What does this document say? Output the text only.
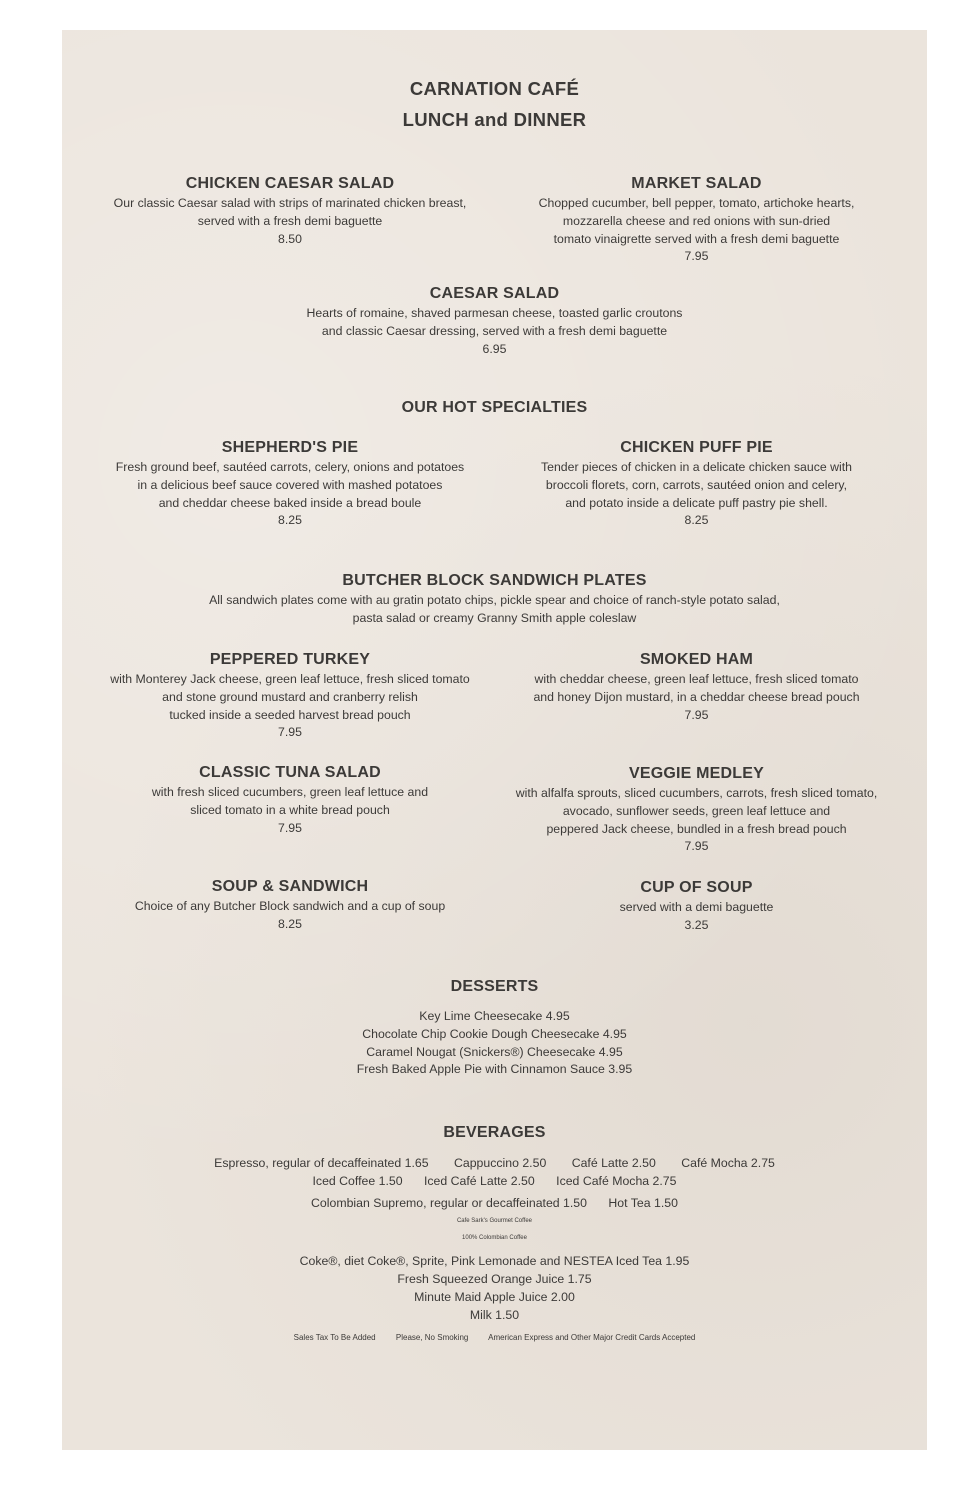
CARNATION CAFÉ
LUNCH and DINNER
CHICKEN CAESAR SALAD
Our classic Caesar salad with strips of marinated chicken breast,
served with a fresh demi baguette
8.50
MARKET SALAD
Chopped cucumber, bell pepper, tomato, artichoke hearts,
mozzarella cheese and red onions with sun-dried
tomato vinaigrette served with a fresh demi baguette
7.95
CAESAR SALAD
Hearts of romaine, shaved parmesan cheese, toasted garlic croutons
and classic Caesar dressing, served with a fresh demi baguette
6.95
OUR HOT SPECIALTIES
SHEPHERD'S PIE
Fresh ground beef, sautéed carrots, celery, onions and potatoes
in a delicious beef sauce covered with mashed potatoes
and cheddar cheese baked inside a bread boule
8.25
CHICKEN PUFF PIE
Tender pieces of chicken in a delicate chicken sauce with
broccoli florets, corn, carrots, sautéed onion and celery,
and potato inside a delicate puff pastry pie shell.
8.25
BUTCHER BLOCK SANDWICH PLATES
All sandwich plates come with au gratin potato chips, pickle spear and choice of ranch-style potato salad,
pasta salad or creamy Granny Smith apple coleslaw
PEPPERED TURKEY
with Monterey Jack cheese, green leaf lettuce, fresh sliced tomato
and stone ground mustard and cranberry relish
tucked inside a seeded harvest bread pouch
7.95
SMOKED HAM
with cheddar cheese, green leaf lettuce, fresh sliced tomato
and honey Dijon mustard, in a cheddar cheese bread pouch
7.95
CLASSIC TUNA SALAD
with fresh sliced cucumbers, green leaf lettuce and
sliced tomato in a white bread pouch
7.95
VEGGIE MEDLEY
with alfalfa sprouts, sliced cucumbers, carrots, fresh sliced tomato,
avocado, sunflower seeds, green leaf lettuce and
peppered Jack cheese, bundled in a fresh bread pouch
7.95
SOUP & SANDWICH
Choice of any Butcher Block sandwich and a cup of soup
8.25
CUP OF SOUP
served with a demi baguette
3.25
DESSERTS
Key Lime Cheesecake 4.95
Chocolate Chip Cookie Dough Cheesecake 4.95
Caramel Nougat (Snickers®) Cheesecake 4.95
Fresh Baked Apple Pie with Cinnamon Sauce 3.95
BEVERAGES
Espresso, regular of decaffeinated 1.65 Cappuccino 2.50 Café Latte 2.50 Café Mocha 2.75
Iced Coffee 1.50 Iced Café Latte 2.50 Iced Café Mocha 2.75
Colombian Supremo, regular or decaffeinated 1.50 Hot Tea 1.50
Cafe Sark's Gourmet Coffee
100% Colombian Coffee
Coke®, diet Coke®, Sprite, Pink Lemonade and NESTEA Iced Tea 1.95
Fresh Squeezed Orange Juice 1.75
Minute Maid Apple Juice 2.00
Milk 1.50
Sales Tax To Be Added	Please, No Smoking American Express and Other Major Credit Cards Accepted
